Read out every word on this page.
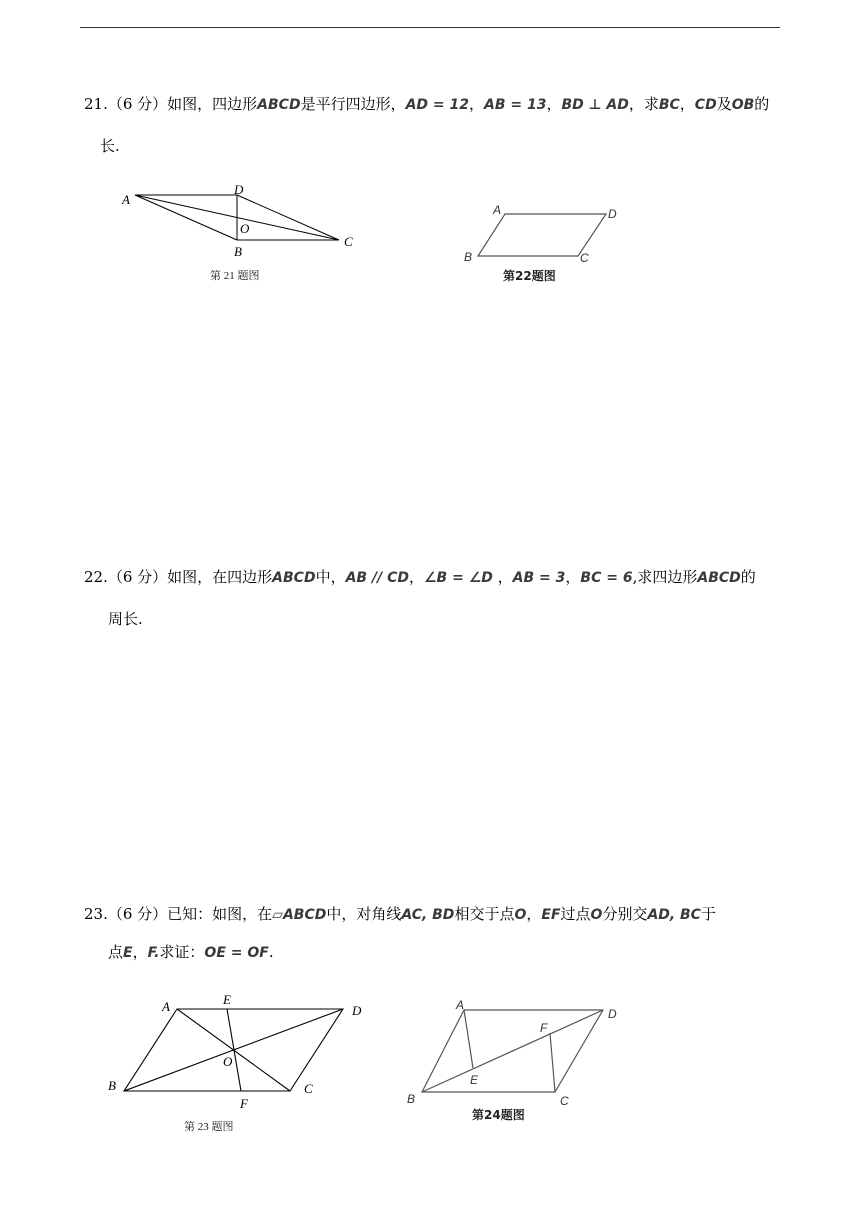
21.（6 分）如图，四边形ABCD是平行四边形，AD = 12，AB = 13，BD ⊥ AD，求BC，CD及OB的
长.
A
D
O
B
C
第 21 题图
A	D
B	C
第22题图
22.（6 分）如图，在四边形ABCD中，AB // CD，∠B = ∠D ，AB = 3，BC = 6,求四边形ABCD的
周长.
23.（6 分）已知：如图，在▱ABCD中，对角线AC, BD相交于点O，EF过点O分别交AD, BC于
点E，F.求证：OE = OF.
A	E
D
O
B	C
F
第 23 题图
A
D
F
E
B	C
第24题图
